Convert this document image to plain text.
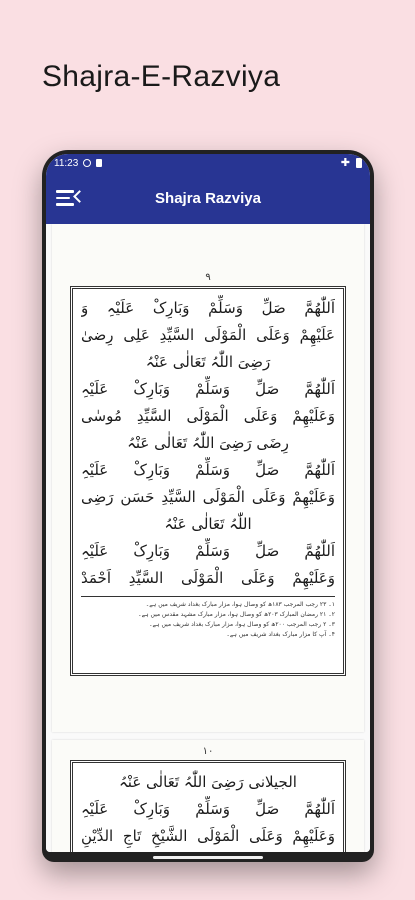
Shajra-E-Razviya
11:23	✚
Shajra Razviya
۹
اَللّٰھُمَّ صَلِّ وَسَلِّمْ وَبَارِکْ عَلَیْہِ وَ
عَلَیْھِمْ وَعَلَی الْمَوْلَی السَّیِّدِ عَلِی رِضیٰ
رَضِیَ اللّٰہُ تَعَالٰی عَنْہُ
اَللّٰھُمَّ صَلِّ وَسَلِّمْ وَبَارِکْ عَلَیْہِ
وَعَلَیْھِمْ وَعَلَی الْمَوْلَی السَّیِّدِ مُوسٰی
رِضَی رَضِیَ اللّٰہُ تَعَالٰی عَنْہُ
اَللّٰھُمَّ صَلِّ وَسَلِّمْ وَبَارِکْ عَلَیْہِ
وَعَلَیْھِمْ وَعَلَی الْمَوْلَی السَّیِّدِ حَسَن رَضِی
اللّٰہُ تَعَالٰی عَنْہُ
اَللّٰھُمَّ صَلِّ وَسَلِّمْ وَبَارِکْ عَلَیْہِ
وَعَلَیْھِمْ وَعَلَی الْمَوْلَی السَّیِّدِ اَحْمَدْ
۱۔ ۲۳ رجب المرجب ۱۸۳ھ کو وصال ہوا، مزار مبارک بغداد شریف میں ہے۔
۲۔ ۲۱ رمضان المبارک ۲۰۳ھ کو وصال ہوا، مزار مبارک مشہد مقدس میں ہے۔
۳۔ ۲ رجب المرجب ۲۰۰ھ کو وصال ہوا، مزار مبارک بغداد شریف میں ہے۔
۴۔ آپ کا مزار مبارک بغداد شریف میں ہے۔
۱۰
الجیلانی رَضِیَ اللّٰہُ تَعَالٰی عَنْہُ
اَللّٰھُمَّ صَلِّ وَسَلِّمْ وَبَارِکْ عَلَیْہِ
وَعَلَیْھِمْ وَعَلَی الْمَوْلَی الشَّیْخِ تَاجِ الدِّیْنِ
